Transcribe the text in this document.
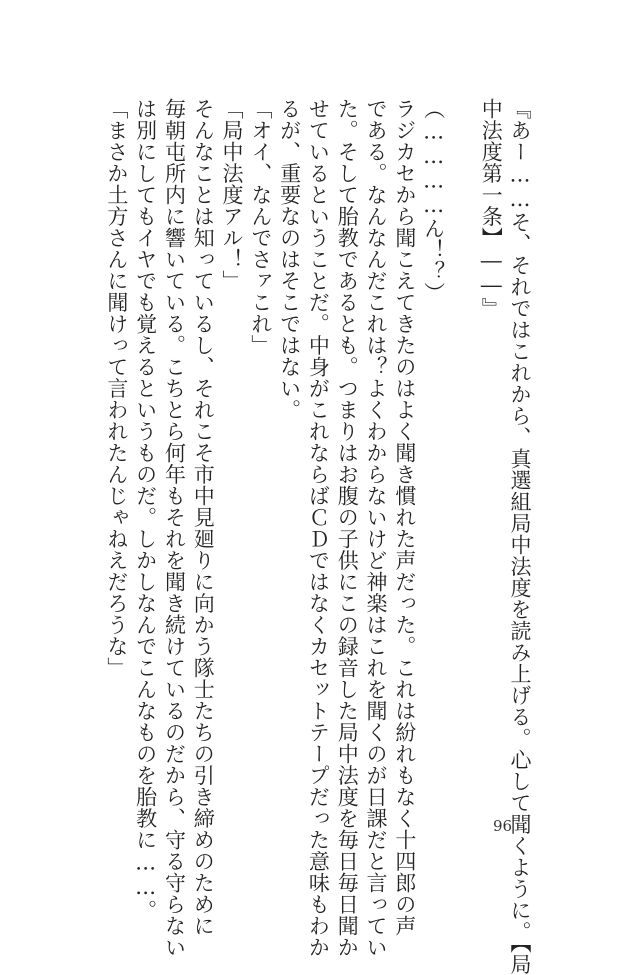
『あー……そ、それではこれから、真選組局中法度を読み上げる。心して聞くように。【局
中法度第一条】――』

（…………ん！？）
ラジカセから聞こえてきたのはよく聞き慣れた声だった。これは紛れもなく十四郎の声
である。なんなんだこれは？よくわからないけど神楽はこれを聞くのが日課だと言ってい
た。そして胎教であるとも。つまりはお腹の子供にこの録音した局中法度を毎日毎日聞か
せているということだ。中身がこれならばＣＤではなくカセットテープだった意味もわか
るが、重要なのはそこではない。
「オイ、なんでさァこれ」
「局中法度アル！」
そんなことは知っているし、それこそ市中見廻りに向かう隊士たちの引き締めのために
毎朝屯所内に響いている。こちとら何年もそれを聞き続けているのだから、守る守らない
は別にしてもイヤでも覚えるというものだ。しかしなんでこんなものを胎教に……。
「まさか土方さんに聞けって言われたんじゃねえだろうな」
96
